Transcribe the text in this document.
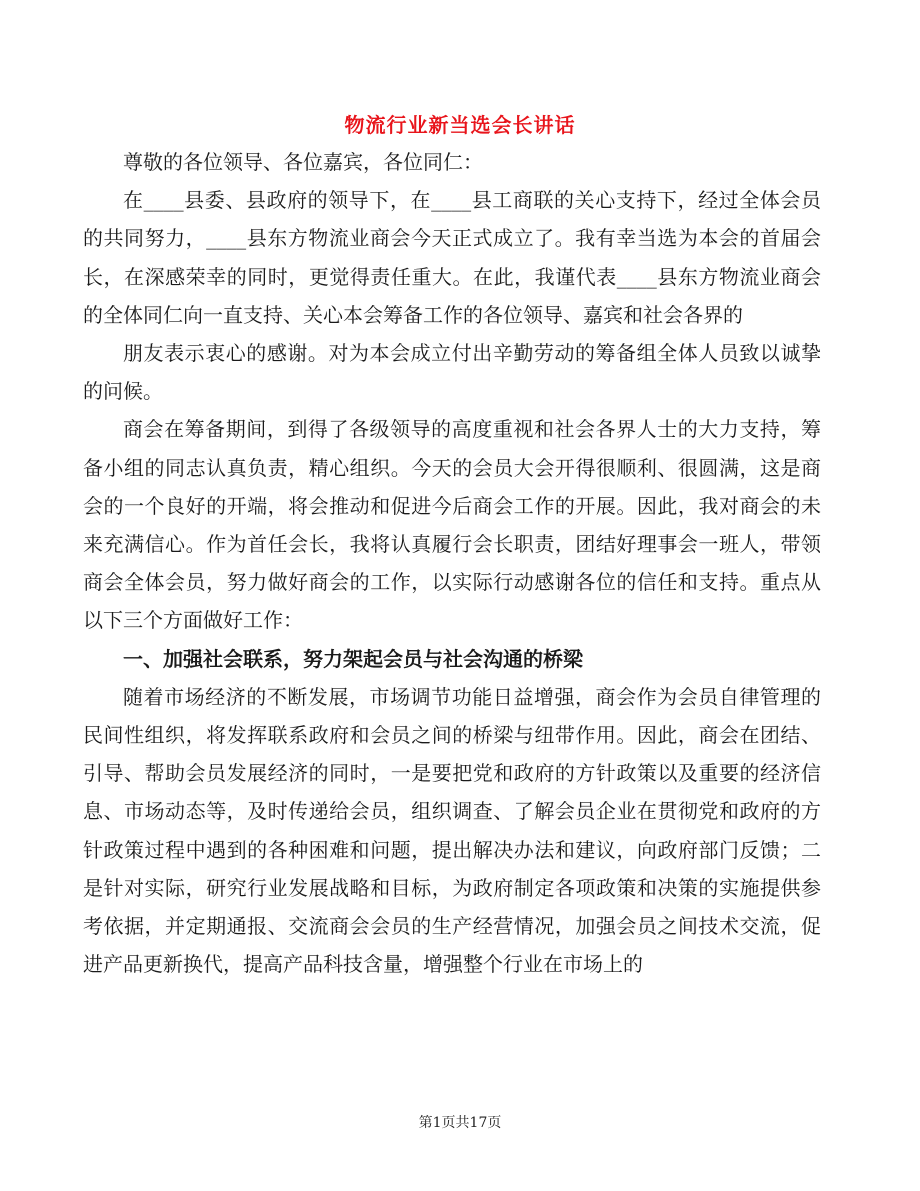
物流行业新当选会长讲话

尊敬的各位领导、各位嘉宾，各位同仁：

在____县委、县政府的领导下，在____县工商联的关心支持下，经过全体会员的共同努力，____县东方物流业商会今天正式成立了。我有幸当选为本会的首届会长，在深感荣幸的同时，更觉得责任重大。在此，我谨代表____县东方物流业商会的全体同仁向一直支持、关心本会筹备工作的各位领导、嘉宾和社会各界的

朋友表示衷心的感谢。对为本会成立付出辛勤劳动的筹备组全体人员致以诚挚的问候。

商会在筹备期间，到得了各级领导的高度重视和社会各界人士的大力支持，筹备小组的同志认真负责，精心组织。今天的会员大会开得很顺利、很圆满，这是商会的一个良好的开端，将会推动和促进今后商会工作的开展。因此，我对商会的未来充满信心。作为首任会长，我将认真履行会长职责，团结好理事会一班人，带领商会全体会员，努力做好商会的工作，以实际行动感谢各位的信任和支持。重点从以下三个方面做好工作：

一、加强社会联系，努力架起会员与社会沟通的桥梁

随着市场经济的不断发展，市场调节功能日益增强，商会作为会员自律管理的民间性组织，将发挥联系政府和会员之间的桥梁与纽带作用。因此，商会在团结、引导、帮助会员发展经济的同时，一是要把党和政府的方针政策以及重要的经济信息、市场动态等，及时传递给会员，组织调查、了解会员企业在贯彻党和政府的方针政策过程中遇到的各种困难和问题，提出解决办法和建议，向政府部门反馈；二是针对实际，研究行业发展战略和目标，为政府制定各项政策和决策的实施提供参考依据，并定期通报、交流商会会员的生产经营情况，加强会员之间技术交流，促进产品更新换代，提高产品科技含量，增强整个行业在市场上的

第1页共17页
